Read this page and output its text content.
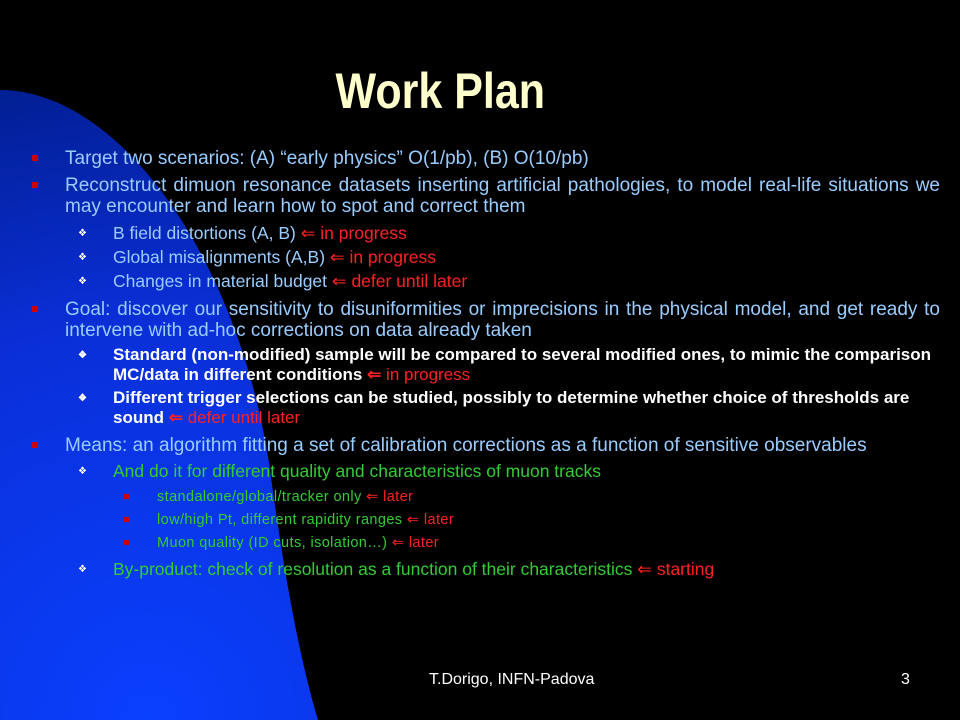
Work Plan
Target two scenarios: (A) “early physics” O(1/pb), (B) O(10/pb)
Reconstruct dimuon resonance datasets inserting artificial pathologies, to model real-life situations we may encounter and learn how to spot and correct them
❖ B field distortions (A, B) ⇐ in progress
❖ Global misalignments (A,B) ⇐ in progress
❖ Changes in material budget ⇐ defer until later
Goal: discover our sensitivity to disuniformities or imprecisions in the physical model, and get ready to intervene with ad-hoc corrections on data already taken
❖ Standard (non-modified) sample will be compared to several modified ones, to mimic the comparison MC/data in different conditions ⇐ in progress
❖ Different trigger selections can be studied, possibly to determine whether choice of thresholds are sound ⇐ defer until later
Means: an algorithm fitting a set of calibration corrections as a function of sensitive observables
❖ And do it for different quality and characteristics of muon tracks
standalone/global/tracker only ⇐ later
low/high Pt, different rapidity ranges ⇐ later
Muon quality (ID cuts, isolation…) ⇐ later
❖ By-product: check of resolution as a function of their characteristics ⇐ starting
T.Dorigo, INFN-Padova	3
